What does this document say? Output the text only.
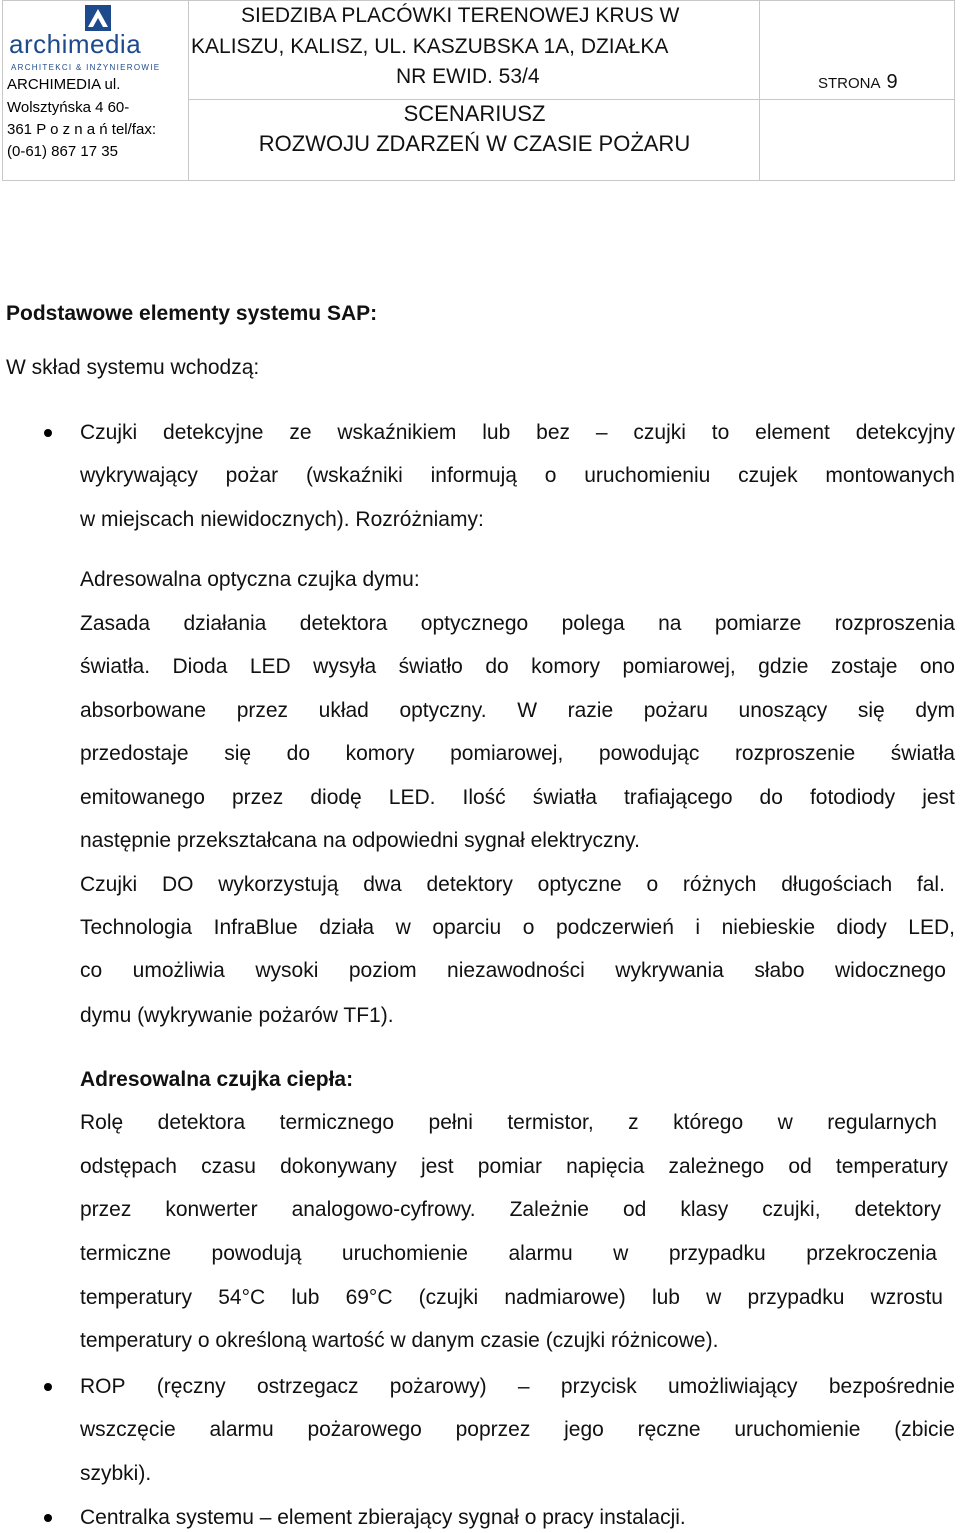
archimedia
ARCHITEKCI & INŻYNIEROWIE
ARCHIMEDIA ul.
Wolsztyńska 4 60-
361 P o z n a ń tel/fax:
(0-61) 867 17 35
SIEDZIBA PLACÓWKI TERENOWEJ KRUS W
KALISZU, KALISZ, UL. KASZUBSKA 1A, DZIAŁKA
NR EWID. 53/4
SCENARIUSZ
ROZWOJU ZDARZEŃ W CZASIE POŻARU
STRONA 9
Podstawowe elementy systemu SAP:
W skład systemu wchodzą:
Czujki detekcyjne ze wskaźnikiem lub bez – czujki to element detekcyjny
wykrywający pożar (wskaźniki informują o uruchomieniu czujek montowanych
w miejscach niewidocznych). Rozróżniamy:
Adresowalna optyczna czujka dymu:
Zasada działania detektora optycznego polega na pomiarze rozproszenia
światła. Dioda LED wysyła światło do komory pomiarowej, gdzie zostaje ono
absorbowane przez układ optyczny. W razie pożaru unoszący się dym
przedostaje się do komory pomiarowej, powodując rozproszenie światła
emitowanego przez diodę LED. Ilość światła trafiającego do fotodiody jest
następnie przekształcana na odpowiedni sygnał elektryczny.
Czujki DO wykorzystują dwa detektory optyczne o różnych długościach fal.
Technologia InfraBlue działa w oparciu o podczerwień i niebieskie diody LED,
co umożliwia wysoki poziom niezawodności wykrywania słabo widocznego
dymu (wykrywanie pożarów TF1).
Adresowalna czujka ciepła:
Rolę detektora termicznego pełni termistor, z którego w regularnych
odstępach czasu dokonywany jest pomiar napięcia zależnego od temperatury
przez konwerter analogowo-cyfrowy. Zależnie od klasy czujki, detektory
termiczne powodują uruchomienie alarmu w przypadku przekroczenia
temperatury 54°C lub 69°C (czujki nadmiarowe) lub w przypadku wzrostu
temperatury o określoną wartość w danym czasie (czujki różnicowe).
ROP (ręczny ostrzegacz pożarowy) – przycisk umożliwiający bezpośrednie
wszczęcie alarmu pożarowego poprzez jego ręczne uruchomienie (zbicie
szybki).
Centralka systemu – element zbierający sygnał o pracy instalacji.
